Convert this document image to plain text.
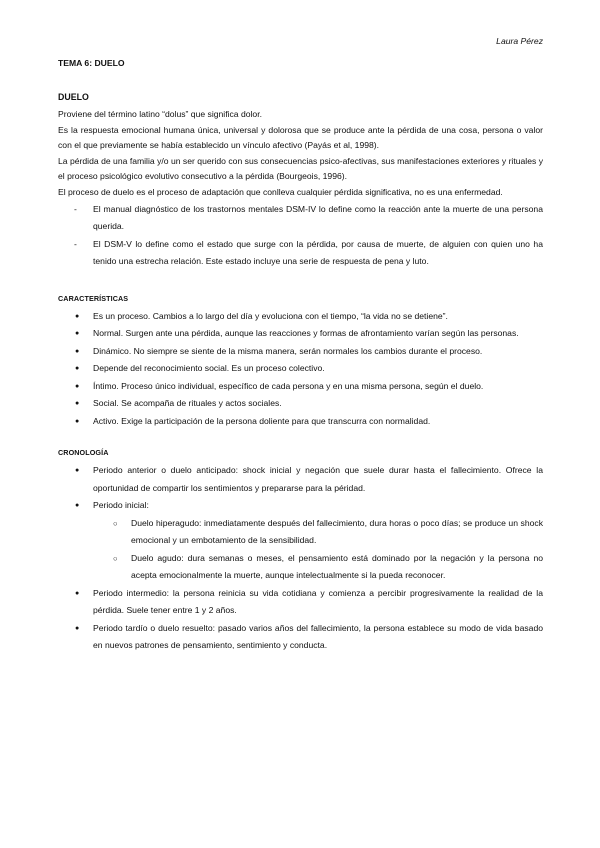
Laura Pérez
TEMA 6: DUELO
DUELO

Proviene del término latino “dolus” que significa dolor.

Es la respuesta emocional humana única, universal y dolorosa que se produce ante la pérdida de una cosa, persona o valor con el que previamente se había establecido un vínculo afectivo (Payás et al, 1998).

La pérdida de una familia y/o un ser querido con sus consecuencias psico-afectivas, sus manifestaciones exteriores y rituales y el proceso psicológico evolutivo consecutivo a la pérdida (Bourgeois, 1996).

El proceso de duelo es el proceso de adaptación que conlleva cualquier pérdida significativa, no es una enfermedad.

- El manual diagnóstico de los trastornos mentales DSM-IV lo define como la reacción ante la muerte de una persona querida.
- El DSM-V lo define como el estado que surge con la pérdida, por causa de muerte, de alguien con quien uno ha tenido una estrecha relación. Este estado incluye una serie de respuesta de pena y luto.
CARACTERÍSTICAS
● Es un proceso. Cambios a lo largo del día y evoluciona con el tiempo, “la vida no se detiene”.
● Normal. Surgen ante una pérdida, aunque las reacciones y formas de afrontamiento varían según las personas.
● Dinámico. No siempre se siente de la misma manera, serán normales los cambios durante el proceso.
● Depende del reconocimiento social. Es un proceso colectivo.
● Íntimo. Proceso único individual, específico de cada persona y en una misma persona, según el duelo.
● Social. Se acompaña de rituales y actos sociales.
● Activo. Exige la participación de la persona doliente para que transcurra con normalidad.
CRONOLOGÍA
● Periodo anterior o duelo anticipado: shock inicial y negación que suele durar hasta el fallecimiento. Ofrece la oportunidad de compartir los sentimientos y prepararse para la péridad.
● Periodo inicial:
○ Duelo hiperagudo: inmediatamente después del fallecimiento, dura horas o poco días; se produce un shock emocional y un embotamiento de la sensibilidad.
○ Duelo agudo: dura semanas o meses, el pensamiento está dominado por la negación y la persona no acepta emocionalmente la muerte, aunque intelectualmente si la pueda reconocer.
● Periodo intermedio: la persona reinicia su vida cotidiana y comienza a percibir progresivamente la realidad de la pérdida. Suele tener entre 1 y 2 años.
● Periodo tardío o duelo resuelto: pasado varios años del fallecimiento, la persona establece su modo de vida basado en nuevos patrones de pensamiento, sentimiento y conducta.
